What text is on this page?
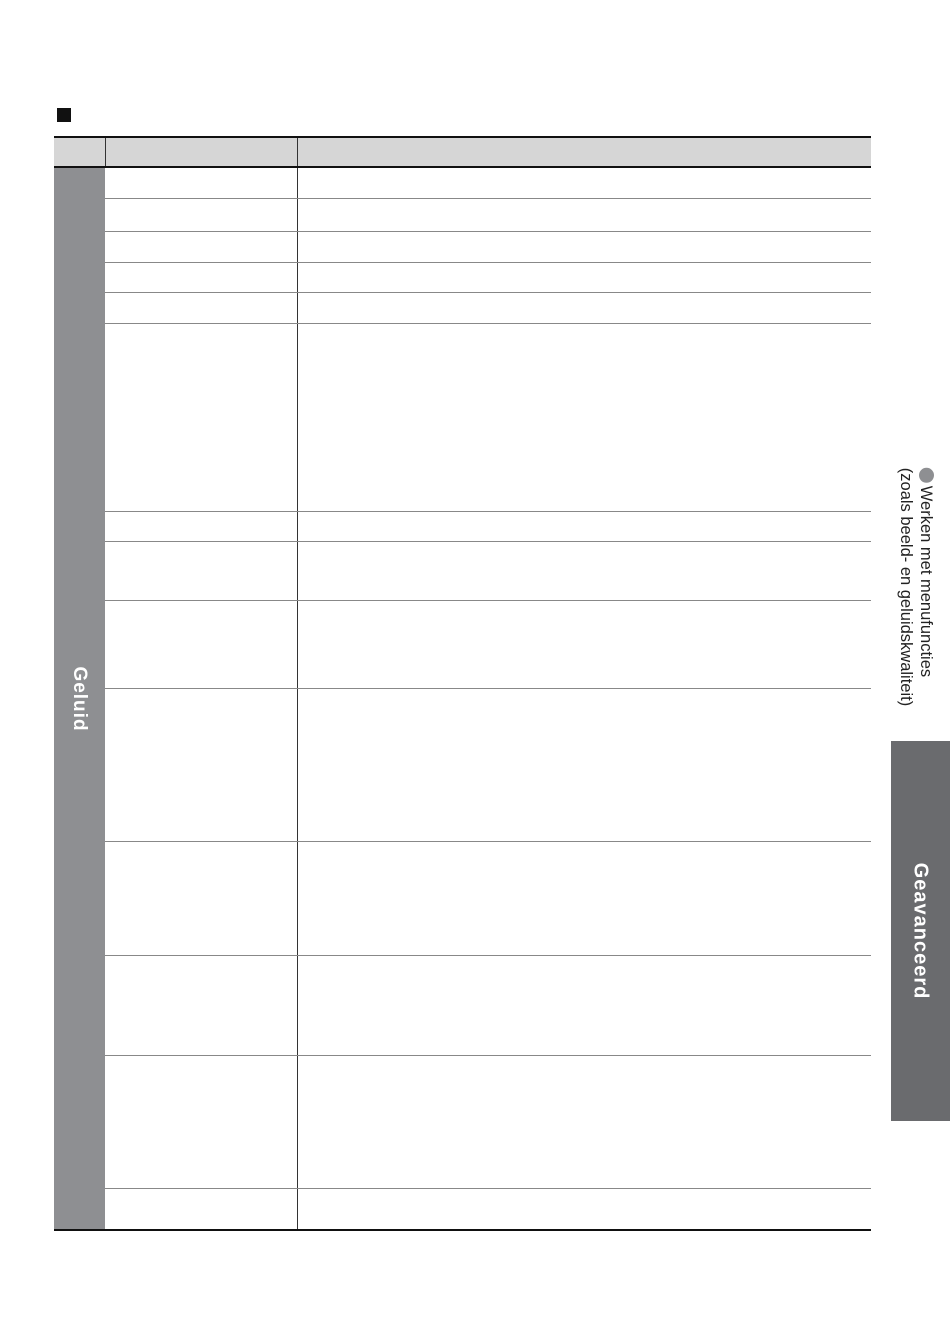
Geluid
Werken met menufuncties
(zoals beeld- en geluidskwaliteit)
Geavanceerd
